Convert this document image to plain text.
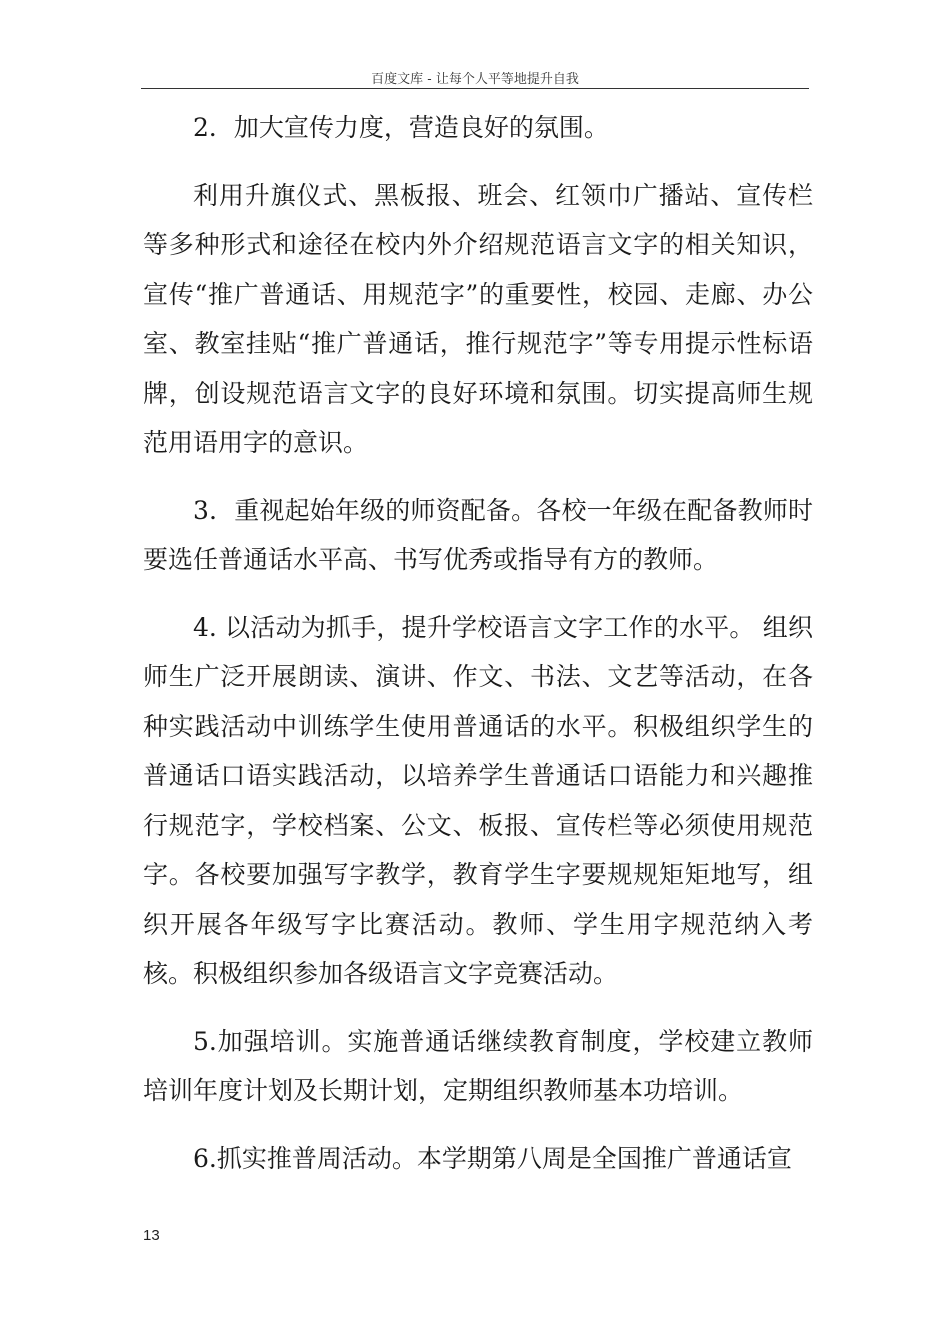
百度文库 - 让每个人平等地提升自我

2．加大宣传力度，营造良好的氛围。

利用升旗仪式、黑板报、班会、红领巾广播站、宣传栏等多种形式和途径在校内外介绍规范语言文字的相关知识，宣传“推广普通话、用规范字”的重要性，校园、走廊、办公室、教室挂贴“推广普通话，推行规范字”等专用提示性标语牌，创设规范语言文字的良好环境和氛围。切实提高师生规范用语用字的意识。

3．重视起始年级的师资配备。各校一年级在配备教师时要选任普通话水平高、书写优秀或指导有方的教师。

4. 以活动为抓手，提升学校语言文字工作的水平。 组织师生广泛开展朗读、演讲、作文、书法、文艺等活动，在各种实践活动中训练学生使用普通话的水平。积极组织学生的普通话口语实践活动，以培养学生普通话口语能力和兴趣推行规范字，学校档案、公文、板报、宣传栏等必须使用规范字。各校要加强写字教学，教育学生字要规规矩矩地写，组织开展各年级写字比赛活动。教师、学生用字规范纳入考核。积极组织参加各级语言文字竞赛活动。

5.加强培训。实施普通话继续教育制度，学校建立教师培训年度计划及长期计划，定期组织教师基本功培训。

6.抓实推普周活动。本学期第八周是全国推广普通话宣

13
